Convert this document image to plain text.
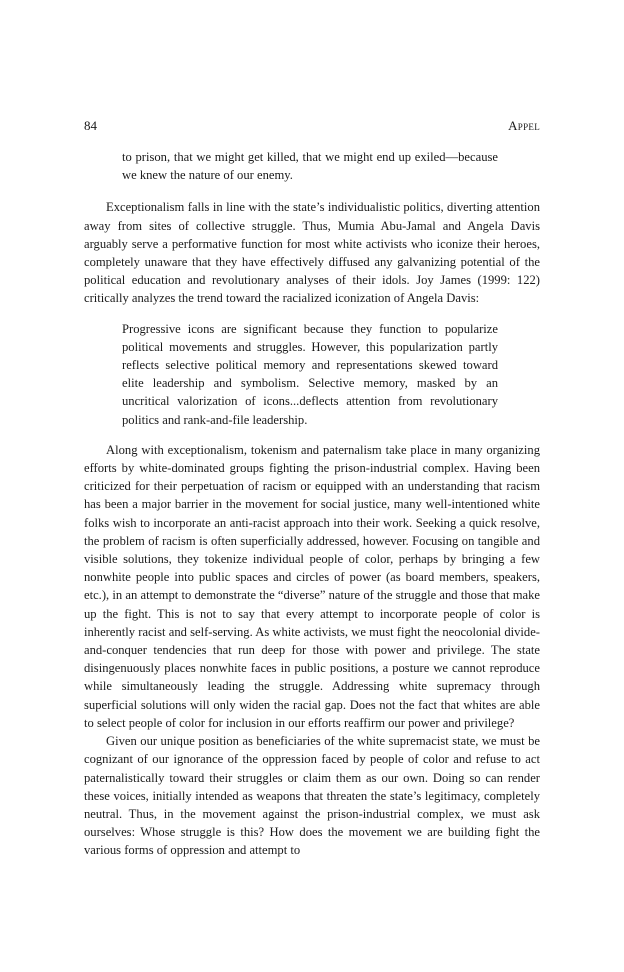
84	Appel
to prison, that we might get killed, that we might end up exiled—because we knew the nature of our enemy.

Exceptionalism falls in line with the state’s individualistic politics, diverting attention away from sites of collective struggle. Thus, Mumia Abu-Jamal and Angela Davis arguably serve a performative function for most white activists who iconize their heroes, completely unaware that they have effectively diffused any galvanizing potential of the political education and revolutionary analyses of their idols. Joy James (1999: 122) critically analyzes the trend toward the racialized iconization of Angela Davis:

Progressive icons are significant because they function to popularize political movements and struggles. However, this popularization partly reflects selective political memory and representations skewed toward elite leadership and symbolism. Selective memory, masked by an uncritical valorization of icons...deflects attention from revolutionary politics and rank-and-file leadership.

Along with exceptionalism, tokenism and paternalism take place in many organizing efforts by white-dominated groups fighting the prison-industrial complex. Having been criticized for their perpetuation of racism or equipped with an understanding that racism has been a major barrier in the movement for social justice, many well-intentioned white folks wish to incorporate an anti-racist approach into their work. Seeking a quick resolve, the problem of racism is often superficially addressed, however. Focusing on tangible and visible solutions, they tokenize individual people of color, perhaps by bringing a few nonwhite people into public spaces and circles of power (as board members, speakers, etc.), in an attempt to demonstrate the “diverse” nature of the struggle and those that make up the fight. This is not to say that every attempt to incorporate people of color is inherently racist and self-serving. As white activists, we must fight the neocolonial divide-and-conquer tendencies that run deep for those with power and privilege. The state disingenuously places nonwhite faces in public positions, a posture we cannot reproduce while simultaneously leading the struggle. Addressing white supremacy through superficial solutions will only widen the racial gap. Does not the fact that whites are able to select people of color for inclusion in our efforts reaffirm our power and privilege?

Given our unique position as beneficiaries of the white supremacist state, we must be cognizant of our ignorance of the oppression faced by people of color and refuse to act paternalistically toward their struggles or claim them as our own. Doing so can render these voices, initially intended as weapons that threaten the state’s legitimacy, completely neutral. Thus, in the movement against the prison-industrial complex, we must ask ourselves: Whose struggle is this? How does the movement we are building fight the various forms of oppression and attempt to
